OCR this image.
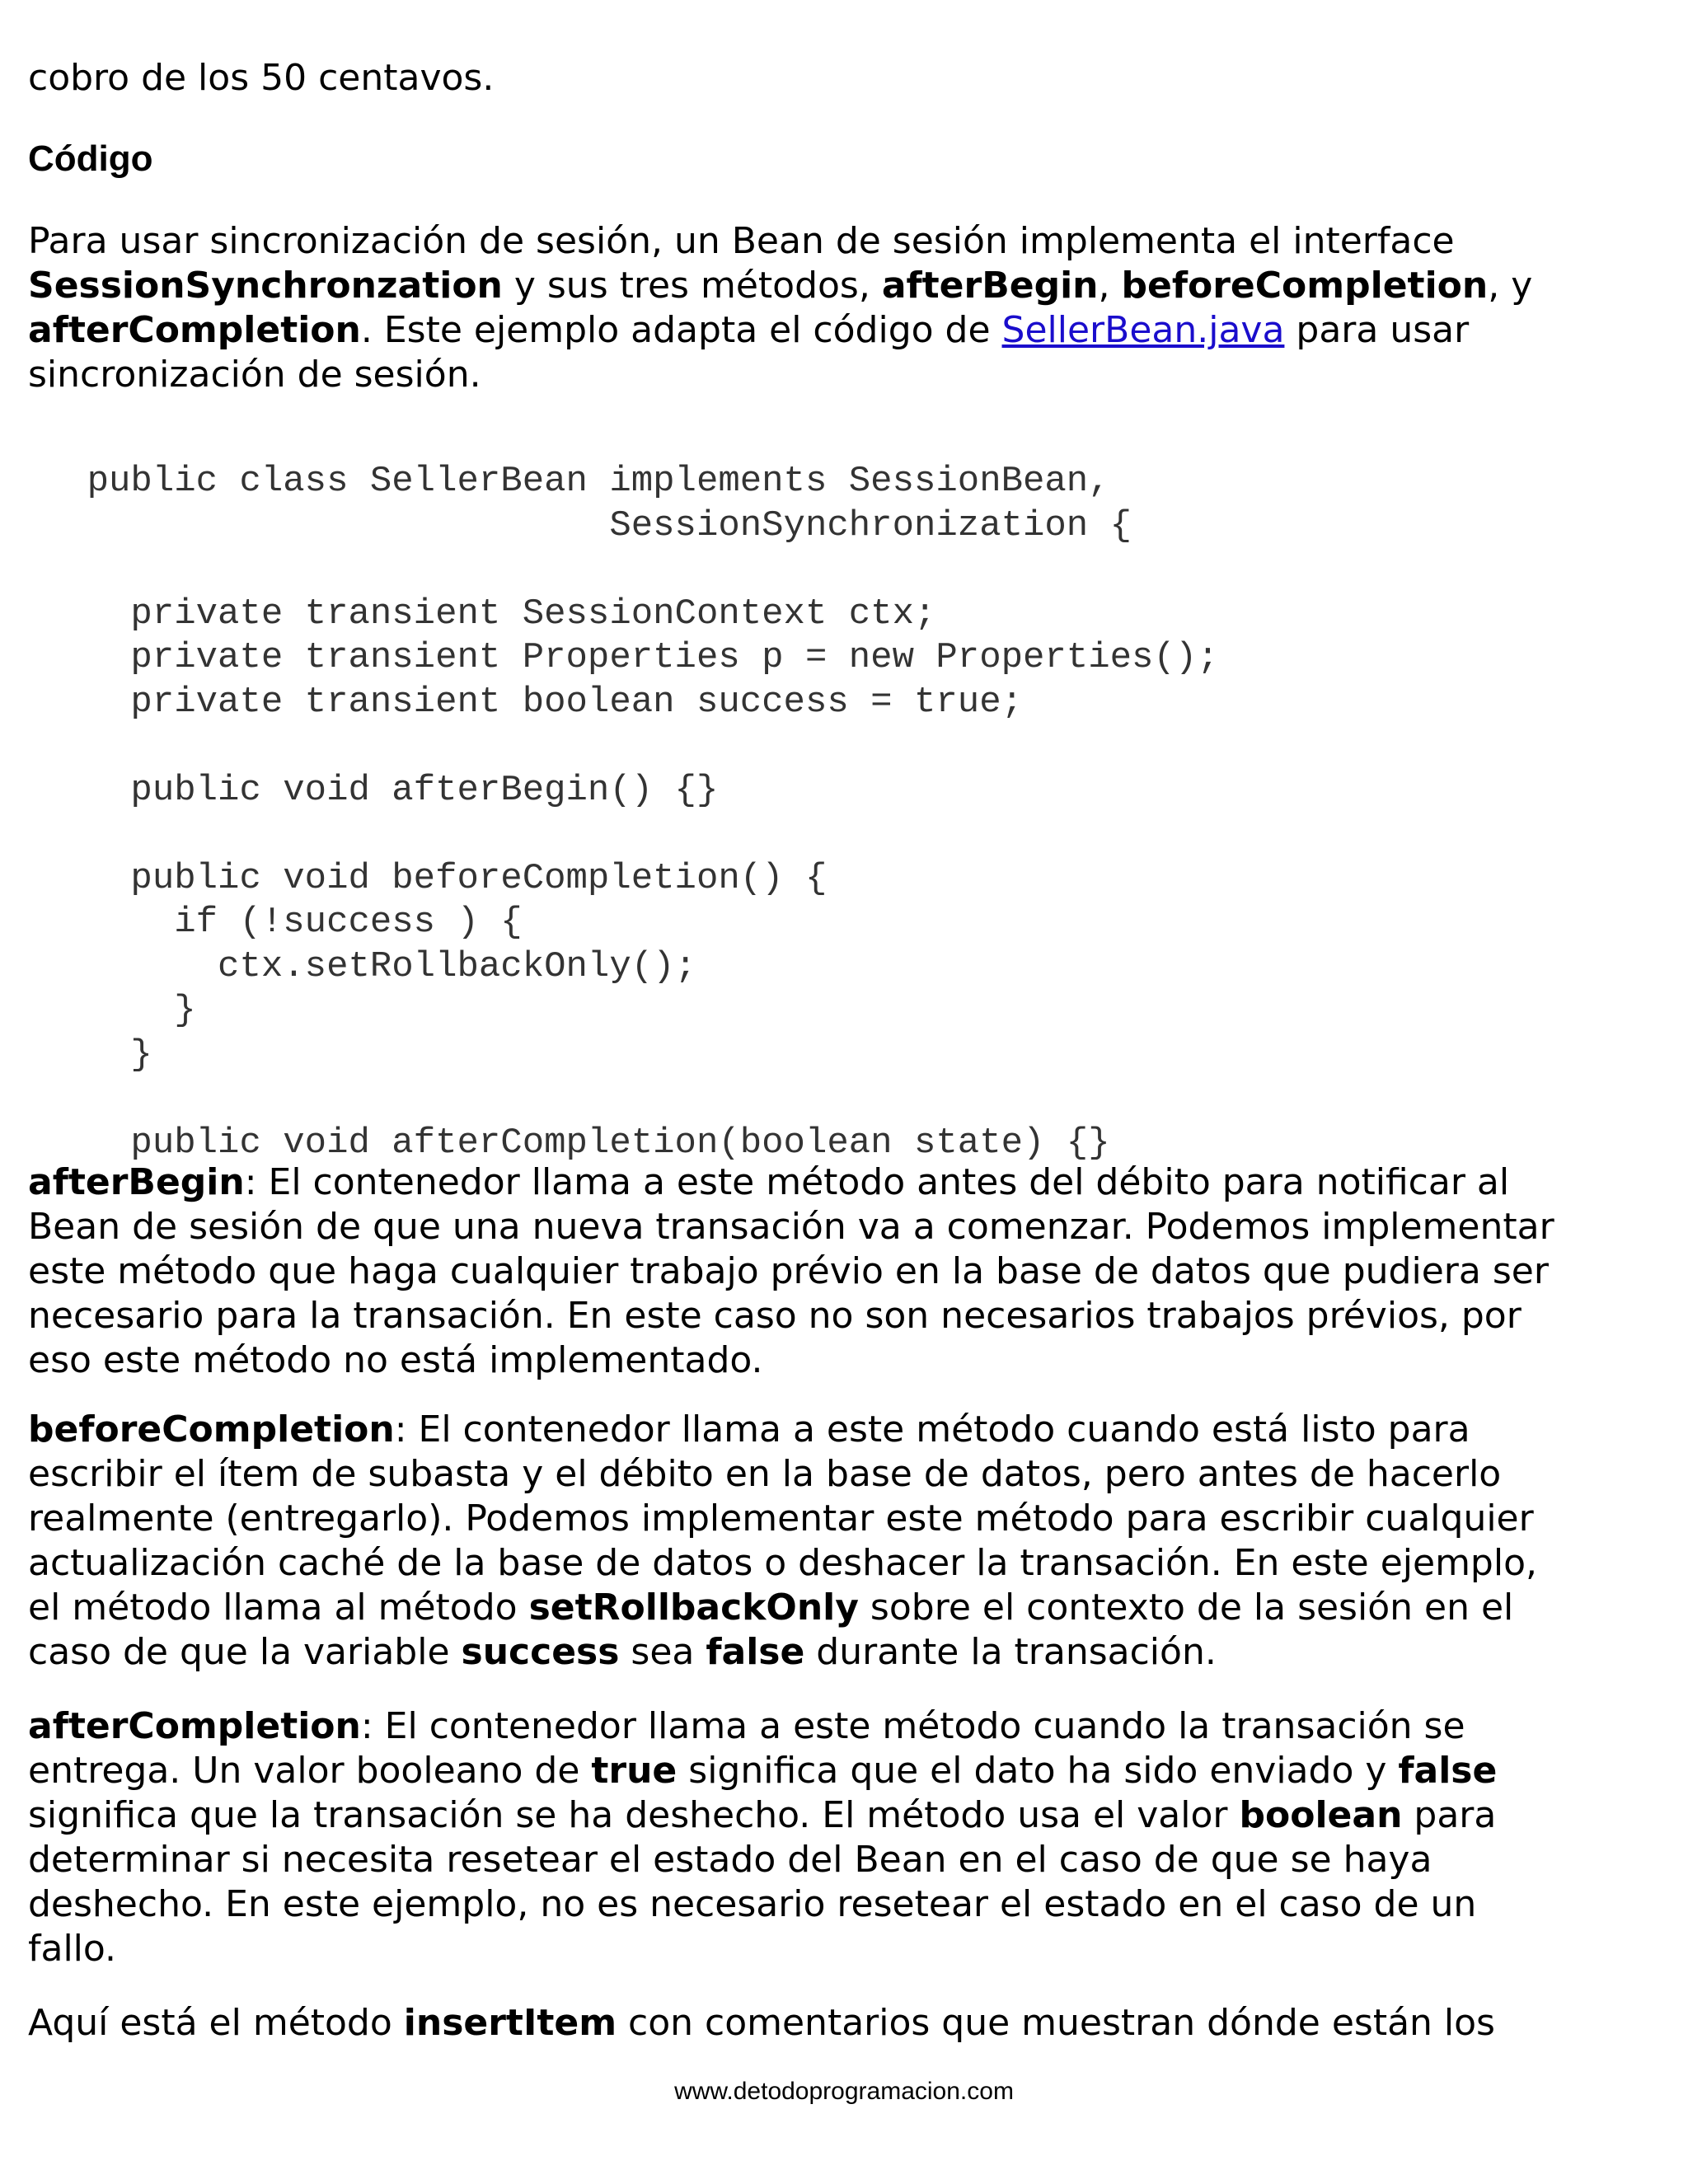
cobro de los 50 centavos.

Código

Para usar sincronización de sesión, un Bean de sesión implementa el interface
SessionSynchronzation y sus tres métodos, afterBegin, beforeCompletion, y
afterCompletion. Este ejemplo adapta el código de SellerBean.java para usar
sincronización de sesión.

public class SellerBean implements SessionBean,
SessionSynchronization {
private transient SessionContext ctx;
private transient Properties p = new Properties();
private transient boolean success = true;
public void afterBegin() {}
public void beforeCompletion() {
if (!success ) {
ctx.setRollbackOnly();
}
}
public void afterCompletion(boolean state) {}

afterBegin: El contenedor llama a este método antes del débito para notificar al
Bean de sesión de que una nueva transación va a comenzar. Podemos implementar
este método que haga cualquier trabajo prévio en la base de datos que pudiera ser
necesario para la transación. En este caso no son necesarios trabajos prévios, por
eso este método no está implementado.

beforeCompletion: El contenedor llama a este método cuando está listo para
escribir el ítem de subasta y el débito en la base de datos, pero antes de hacerlo
realmente (entregarlo). Podemos implementar este método para escribir cualquier
actualización caché de la base de datos o deshacer la transación. En este ejemplo,
el método llama al método setRollbackOnly sobre el contexto de la sesión en el
caso de que la variable success sea false durante la transación.

afterCompletion: El contenedor llama a este método cuando la transación se
entrega. Un valor booleano de true significa que el dato ha sido enviado y false
significa que la transación se ha deshecho. El método usa el valor boolean para
determinar si necesita resetear el estado del Bean en el caso de que se haya
deshecho. En este ejemplo, no es necesario resetear el estado en el caso de un
fallo.

Aquí está el método insertItem con comentarios que muestran dónde están los

www.detodoprogramacion.com
